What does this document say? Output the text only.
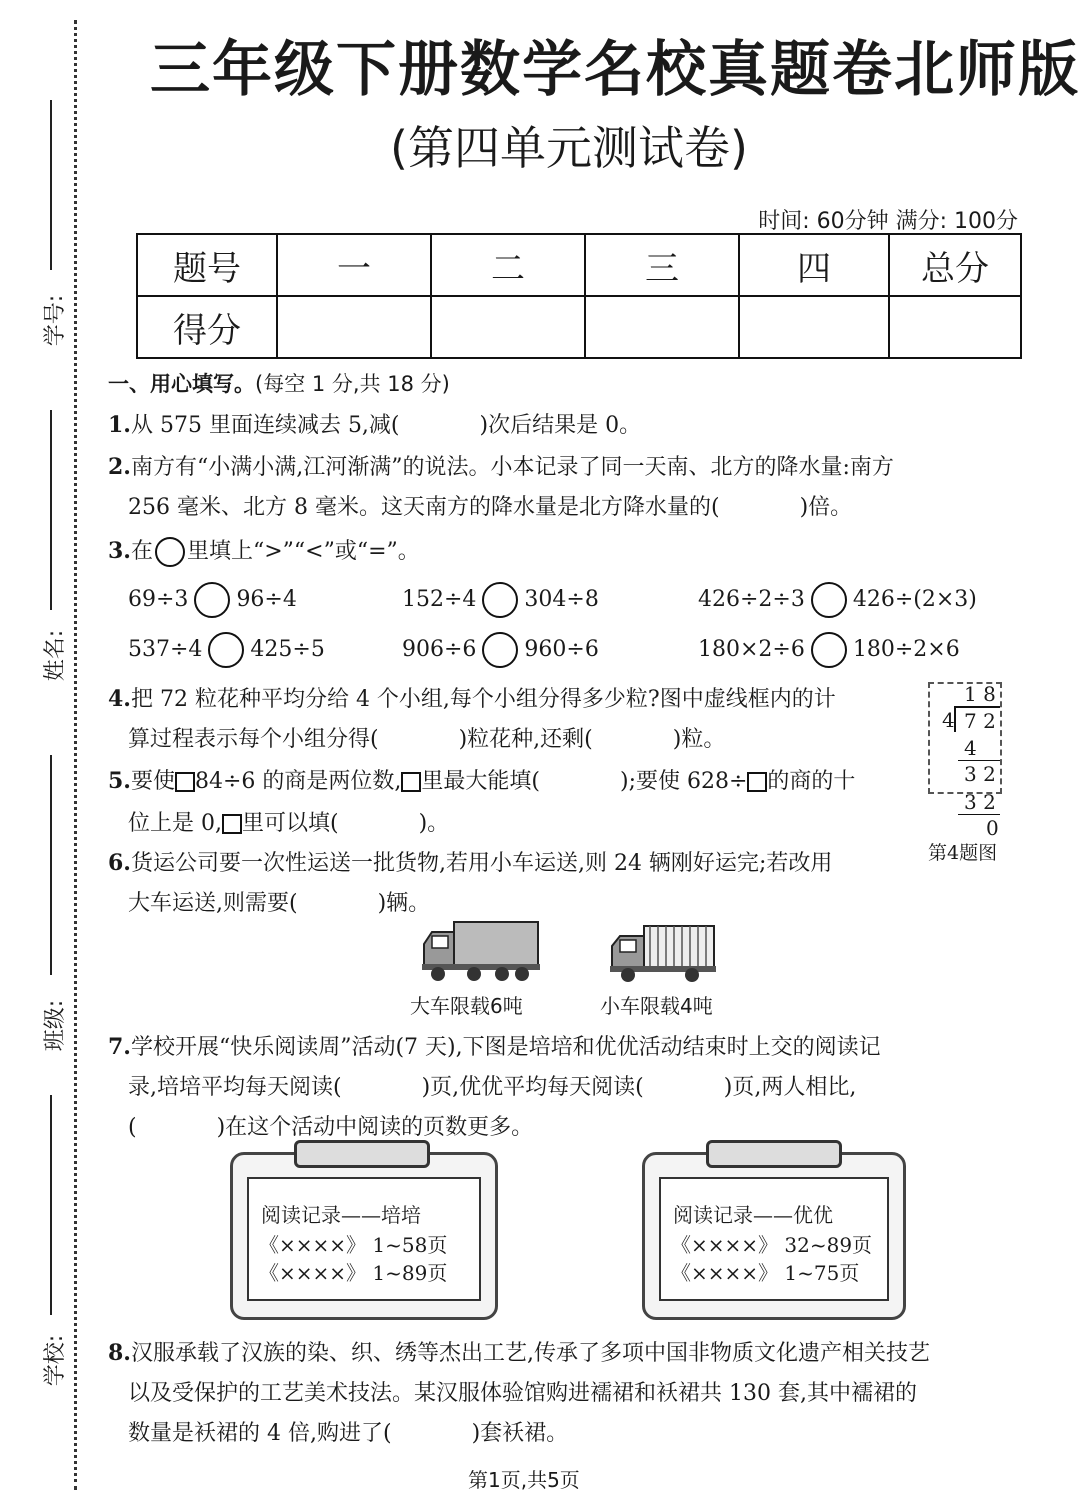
学号:
姓名:
班级:
学校:
三年级下册数学名校真题卷北师版
(第四单元测试卷)
时间: 60分钟 满分: 100分
题号	一	二	三	四	总分
得分					
一、用心填写。(每空 1 分,共 18 分)
1.从 575 里面连续减去 5,减(	)次后结果是 0。
2.南方有“小满小满,江河渐满”的说法。小本记录了同一天南、北方的降水量:南方
256 毫米、北方 8 毫米。这天南方的降水量是北方降水量的(	)倍。
3.在 里填上“>”“<”或“=”。
69÷3 96÷4	152÷4 304÷8	426÷2÷3 426÷(2×3)
537÷4 425÷5	906÷6 960÷6	180×2÷6 180÷2×6
4.把 72 粒花种平均分给 4 个小组,每个小组分得多少粒?图中虚线框内的计
算过程表示每个小组分得(	)粒花种,还剩(	)粒。
1 8
4 7 2
4
3 2
3 2
0
第4题图
5.要使 84÷6 的商是两位数, 里最大能填(	);要使 628÷ 的商的十
位上是 0, 里可以填(	)。
6.货运公司要一次性运送一批货物,若用小车运送,则 24 辆刚好运完;若改用
大车运送,则需要(	)辆。
大车限载6吨	小车限载4吨
7.学校开展“快乐阅读周”活动(7 天),下图是培培和优优活动结束时上交的阅读记
录,培培平均每天阅读(	)页,优优平均每天阅读(	)页,两人相比,
(	)在这个活动中阅读的页数更多。
阅读记录——培培
《××××》 1~58页
《××××》 1~89页
阅读记录——优优
《××××》 32~89页
《××××》 1~75页
8.汉服承载了汉族的染、织、绣等杰出工艺,传承了多项中国非物质文化遗产相关技艺
以及受保护的工艺美术技法。某汉服体验馆购进襦裙和袄裙共 130 套,其中襦裙的
数量是袄裙的 4 倍,购进了(	)套袄裙。
第1页,共5页
